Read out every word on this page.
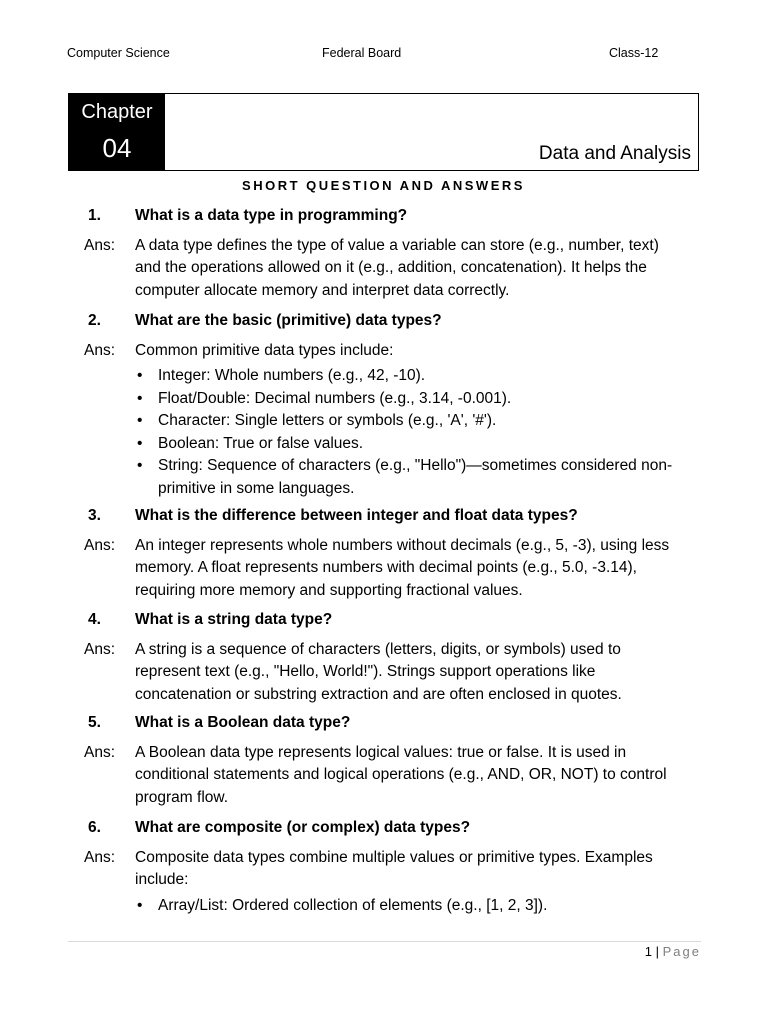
Computer Science	Federal Board	Class-12
Chapter
04	Data and Analysis
SHORT QUESTION AND ANSWERS
1. What is a data type in programming?
Ans: A data type defines the type of value a variable can store (e.g., number, text)
and the operations allowed on it (e.g., addition, concatenation). It helps the
computer allocate memory and interpret data correctly.
2. What are the basic (primitive) data types?
Ans: Common primitive data types include:
• Integer: Whole numbers (e.g., 42, -10).
• Float/Double: Decimal numbers (e.g., 3.14, -0.001).
• Character: Single letters or symbols (e.g., 'A', '#').
• Boolean: True or false values.
• String: Sequence of characters (e.g., "Hello")—sometimes considered non-
primitive in some languages.
3. What is the difference between integer and float data types?
Ans: An integer represents whole numbers without decimals (e.g., 5, -3), using less
memory. A float represents numbers with decimal points (e.g., 5.0, -3.14),
requiring more memory and supporting fractional values.
4. What is a string data type?
Ans: A string is a sequence of characters (letters, digits, or symbols) used to
represent text (e.g., "Hello, World!"). Strings support operations like
concatenation or substring extraction and are often enclosed in quotes.
5. What is a Boolean data type?
Ans: A Boolean data type represents logical values: true or false. It is used in
conditional statements and logical operations (e.g., AND, OR, NOT) to control
program flow.
6. What are composite (or complex) data types?
Ans: Composite data types combine multiple values or primitive types. Examples
include:
• Array/List: Ordered collection of elements (e.g., [1, 2, 3]).
1 | Page
